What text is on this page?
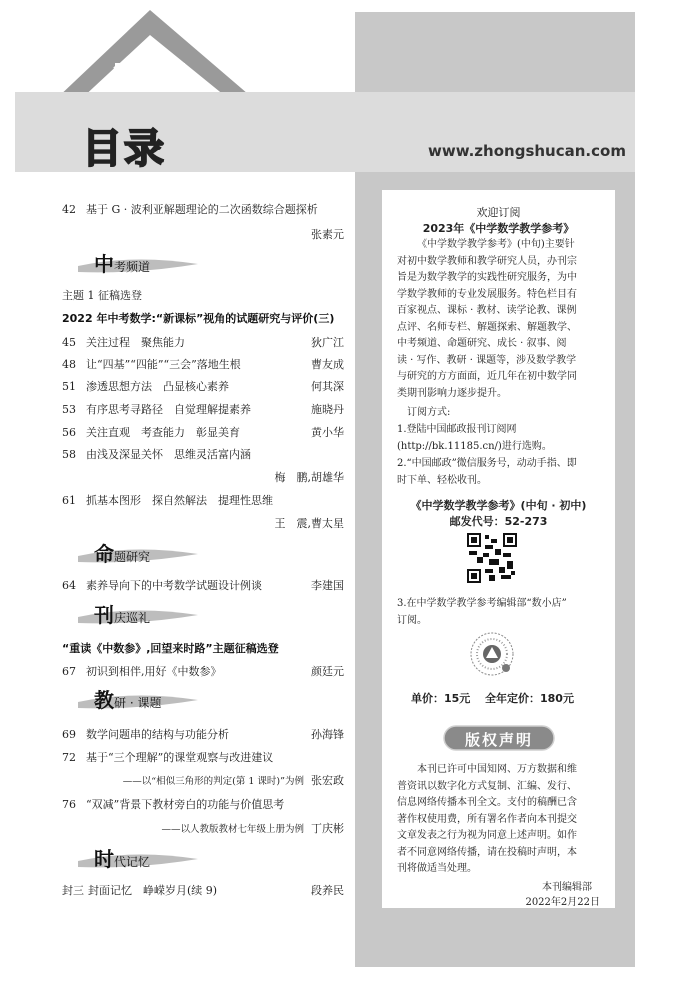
目录	www.zhongshucan.com
42 基于 G · 波利亚解题理论的二次函数综合题探析
张素元
中考频道
主题 1 征稿选登
2022 年中考数学:“新课标”视角的试题研究与评价(三)
45 关注过程　聚焦能力	狄广江
48 让“四基”“四能”“三会”落地生根	曹友成
51 渗透思想方法　凸显核心素养	何其深
53 有序思考寻路径　自觉理解提素养	施晓丹
56 关注直观　考查能力　彰显美育	黄小华
58 由浅及深显关怀　思维灵活富内涵
梅　鹏,胡雄华
61 抓基本图形　探自然解法　提理性思维
王　震,曹太星
命题研究
64 素养导向下的中考数学试题设计例谈	李建国
刊庆巡礼
“重读《中数参》,回望来时路”主题征稿选登
67 初识到相伴,用好《中数参》	颜廷元
教研 · 课题
69 数学问题串的结构与功能分析	孙海锋
72 基于“三个理解”的课堂观察与改进建议
——以“相似三角形的判定(第 1 课时)”为例 张宏政
76 “双减”背景下教材旁白的功能与价值思考
——以人教版教材七年级上册为例 丁庆彬
时代记忆
封三 封面记忆　峥嵘岁月(续 9)	段养民
欢迎订阅
2023年《中学数学教学参考》
《中学数学教学参考》(中旬)主要针
对初中数学教师和教学研究人员，办刊宗
旨是为数学教学的实践性研究服务，为中
学数学教师的专业发展服务。特色栏目有
百家视点、课标 · 教材、读学论教、课例
点评、名师专栏、解题探索、解题教学、
中考频道、命题研究、成长 · 叙事、阅
读 · 写作、教研 · 课题等，涉及数学教学
与研究的方方面面，近几年在初中数学同
类期刊影响力逐步提升。
订阅方式:
1.登陆中国邮政报刊订阅网
(http://bk.11185.cn/)进行选购。
2.“中国邮政”微信服务号，动动手指、即
时下单、轻松收刊。
《中学数学教学参考》(中旬 · 初中)
邮发代号：52-273
3.在中学数学教学参考编辑部“数小店”
订阅。
单价：15元 全年定价：180元
版权声明
本刊已许可中国知网、万方数据和维
普资讯以数字化方式复制、汇编、发行、
信息网络传播本刊全文。支付的稿酬已含
著作权使用费，所有署名作者向本刊提交
文章发表之行为视为同意上述声明。如作
者不同意网络传播，请在投稿时声明，本
刊将做适当处理。
本刊编辑部
2022年2月22日
